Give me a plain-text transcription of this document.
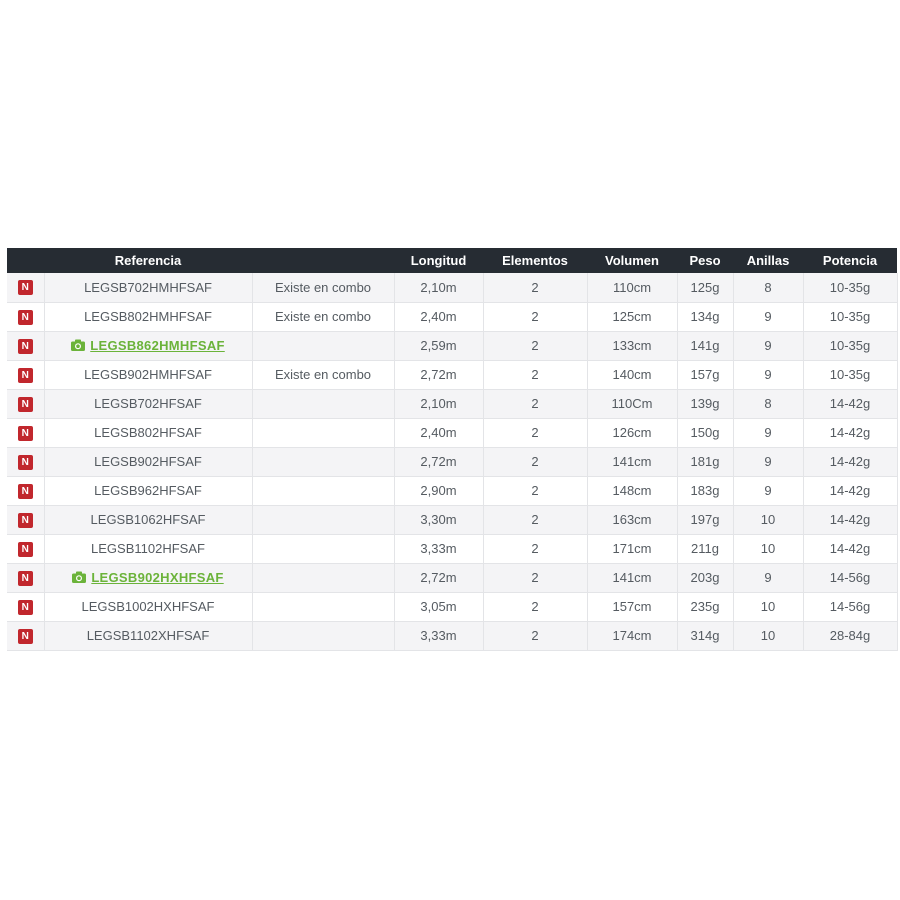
	Referencia		Longitud	Elementos	Volumen	Peso	Anillas	Potencia
N	LEGSB702HMHFSAF	Existe en combo	2,10m	2	110cm	125g	8	10-35g
N	LEGSB802HMHFSAF	Existe en combo	2,40m	2	125cm	134g	9	10-35g
N	LEGSB862HMHFSAF		2,59m	2	133cm	141g	9	10-35g
N	LEGSB902HMHFSAF	Existe en combo	2,72m	2	140cm	157g	9	10-35g
N	LEGSB702HFSAF		2,10m	2	110Cm	139g	8	14-42g
N	LEGSB802HFSAF		2,40m	2	126cm	150g	9	14-42g
N	LEGSB902HFSAF		2,72m	2	141cm	181g	9	14-42g
N	LEGSB962HFSAF		2,90m	2	148cm	183g	9	14-42g
N	LEGSB1062HFSAF		3,30m	2	163cm	197g	10	14-42g
N	LEGSB1102HFSAF		3,33m	2	171cm	211g	10	14-42g
N	LEGSB902HXHFSAF		2,72m	2	141cm	203g	9	14-56g
N	LEGSB1002HXHFSAF		3,05m	2	157cm	235g	10	14-56g
N	LEGSB1102XHFSAF		3,33m	2	174cm	314g	10	28-84g
